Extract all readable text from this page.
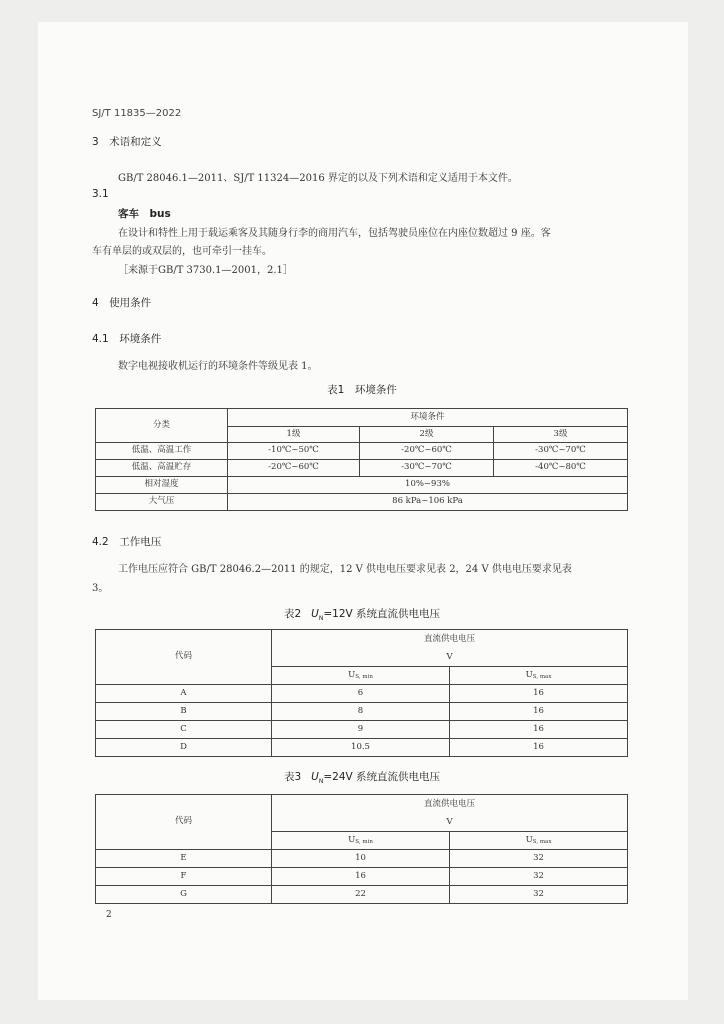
SJ/T 11835—2022
3　术语和定义
GB/T 28046.1—2011、SJ/T 11324—2016 界定的以及下列术语和定义适用于本文件。
3.1
客车　bus
在设计和特性上用于载运乘客及其随身行李的商用汽车，包括驾驶员座位在内座位数超过 9 座。客
车有单层的或双层的，也可牵引一挂车。
［来源于GB/T 3730.1—2001，2.1］
4　使用条件
4.1　环境条件
数字电视接收机运行的环境条件等级见表 1。
表1　环境条件
分类	环境条件		
	1级	2级	3级
低温、高温工作	-10℃~50℃	-20℃~60℃	-30℃~70℃
低温、高温贮存	-20℃~60℃	-30℃~70℃	-40℃~80℃
相对湿度	10%~93%		
大气压	86 kPa~106 kPa		
4.2　工作电压
工作电压应符合 GB/T 28046.2—2011 的规定，12 V 供电电压要求见表 2，24 V 供电电压要求见表
3。
表2 $U_N=12V$ 系统直流供电电压
代码	直流供电电压	
	V	
	US, min	US, max
A	6	16
B	8	16
C	9	16
D	10.5	16
表3 $U_N=24V$ 系统直流供电电压
代码	直流供电电压	
	V	
	US, min	US, max
E	10	32
F	16	32
G	22	32
2
